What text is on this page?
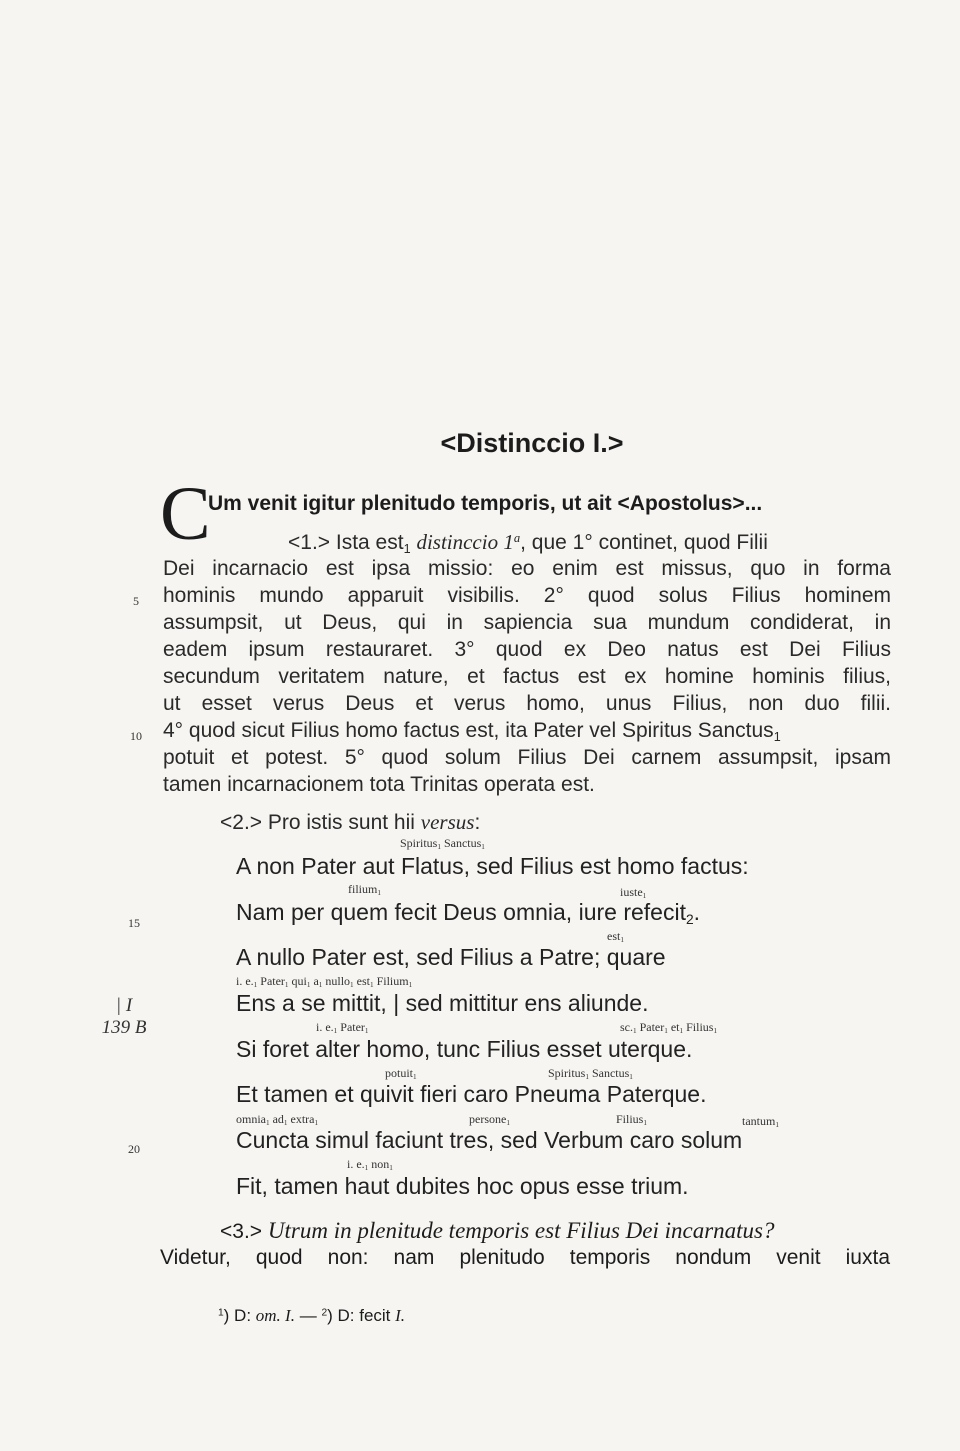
<Distinccio I.>
C
Um venit igitur plenitudo temporis, ut ait <Apostolus>...
<1.> Ista est$_1$ distinccio 1$^a$, que 1° continet, quod Filii
Dei incarnacio est ipsa missio: eo enim est missus, quo in forma
hominis mundo apparuit visibilis. 2° quod solus Filius hominem
assumpsit, ut Deus, qui in sapiencia sua mundum condiderat, in
eadem ipsum restauraret. 3° quod ex Deo natus est Dei Filius
secundum veritatem nature, et factus est ex homine hominis filius,
ut esset verus Deus et verus homo, unus Filius, non duo filii.
4° quod sicut Filius homo factus est, ita Pater vel Spiritus Sanctus$_1$
potuit et potest. 5° quod solum Filius Dei carnem assumpsit, ipsam
tamen incarnacionem tota Trinitas operata est.
<2.> Pro istis sunt hii versus:
5
10
15
20
| I
139 B
Spiritus$_1$ Sanctus$_1$
A non Pater aut Flatus, sed Filius est homo factus:
filium$_1$	iuste$_1$
Nam per quem fecit Deus omnia, iure refecit$_2$.
est$_1$
A nullo Pater est, sed Filius a Patre; quare
i. $e._1$ Pater$_1$ qui$_1$ $a_1$ nullo$_1$ est$_1$ Filium$_1$
Ens a se mittit, | sed mittitur ens aliunde.
i. $e._1$ Pater$_1$	$sc._1$ Pater$_1$ $et_1$ Filius$_1$
Si foret alter homo, tunc Filius esset uterque.
potuit$_1$	Spiritus$_1$ Sanctus$_1$
Et tamen et quivit fieri caro Pneuma Paterque.
omnia$_1$ $ad_1$ extra$_1$	persone$_1$	Filius$_1$	tantum$_1$
Cuncta simul faciunt tres, sed Verbum caro solum
i. $e._1$ non$_1$
Fit, tamen haut dubites hoc opus esse trium.
<3.> Utrum in plenitude temporis est Filius Dei incarnatus?
Videtur, quod non: nam plenitudo temporis nondum venit iuxta
$^1$) D: om. I. — $^2$) D: fecit I.
